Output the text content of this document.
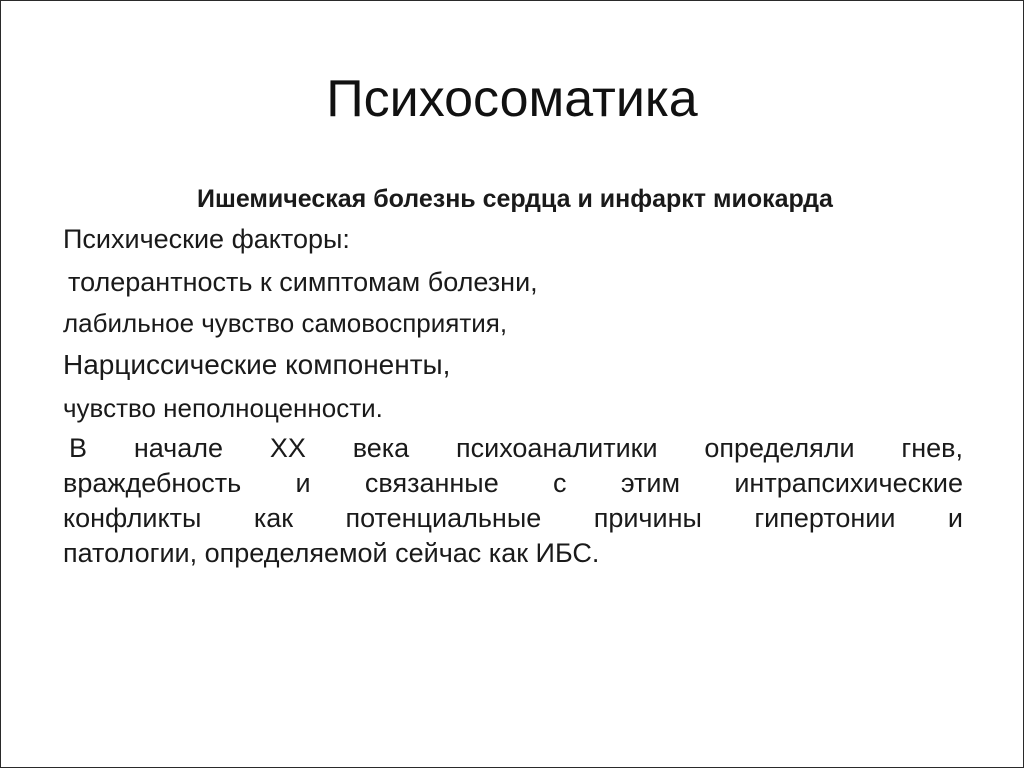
Психосоматика

Ишемическая болезнь сердца и инфаркт миокарда

Психические факторы:

толерантность к симптомам болезни,

лабильное чувство самовосприятия,

Нарциссические компоненты,

чувство неполноценности.

В начале ХХ века психоаналитики определяли гнев,
враждебность и связанные с этим интрапсихические
конфликты как потенциальные причины гипертонии и
патологии, определяемой сейчас как ИБС.
